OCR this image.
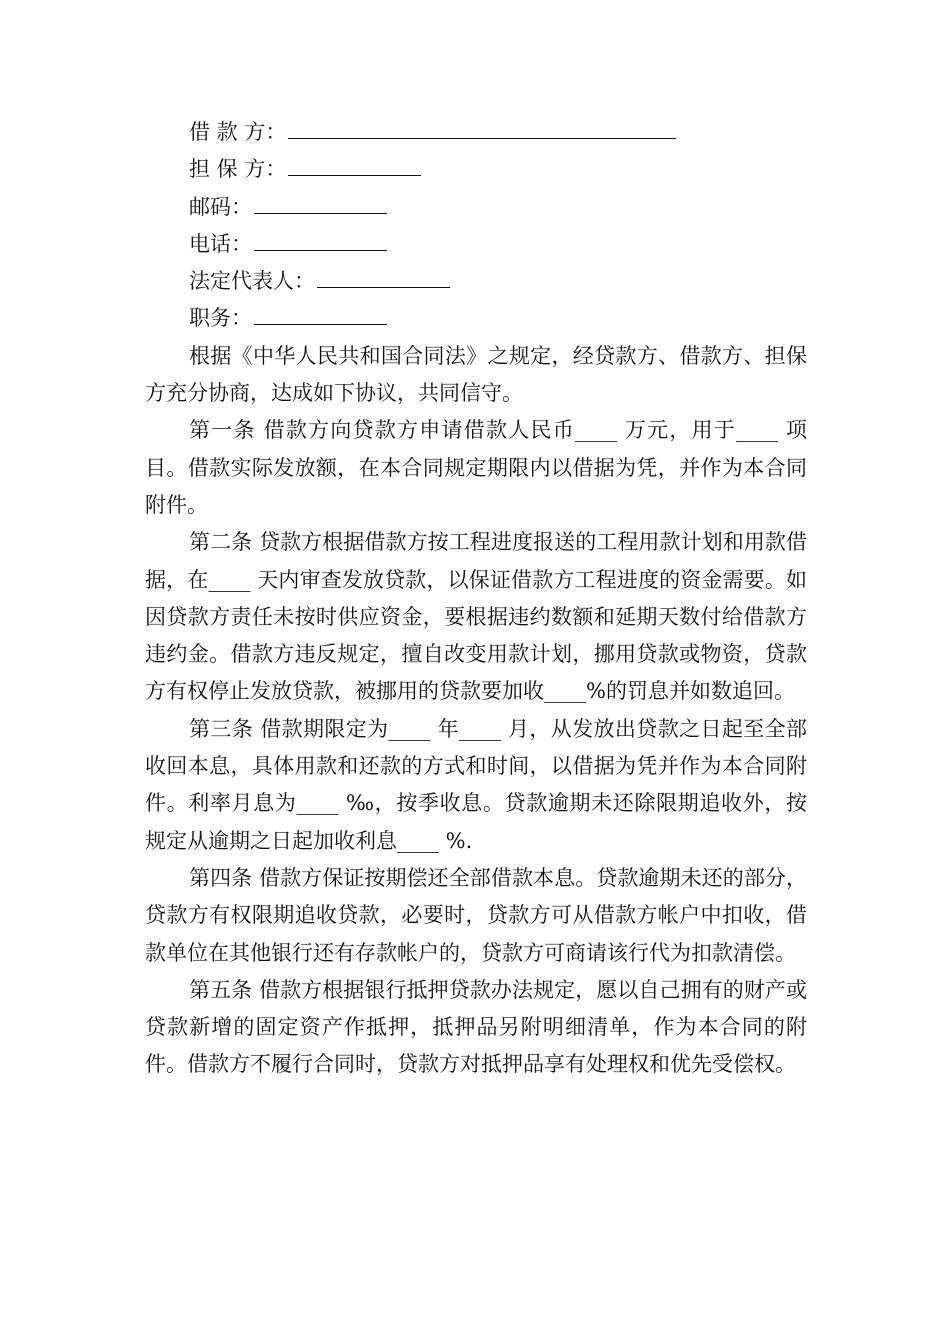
借 款 方：
担 保 方：
邮码：
电话：
法定代表人：
职务：

根据《中华人民共和国合同法》之规定，经贷款方、借款方、担保方充分协商，达成如下协议，共同信守。

第一条 借款方向贷款方申请借款人民币____ 万元，用于____ 项目。借款实际发放额，在本合同规定期限内以借据为凭，并作为本合同附件。

第二条 贷款方根据借款方按工程进度报送的工程用款计划和用款借据，在____ 天内审查发放贷款，以保证借款方工程进度的资金需要。如因贷款方责任未按时供应资金，要根据违约数额和延期天数付给借款方违约金。借款方违反规定，擅自改变用款计划，挪用贷款或物资，贷款方有权停止发放贷款，被挪用的贷款要加收____%的罚息并如数追回。

第三条 借款期限定为____ 年____ 月，从发放出贷款之日起至全部收回本息，具体用款和还款的方式和时间，以借据为凭并作为本合同附件。利率月息为____ ‰，按季收息。贷款逾期未还除限期追收外，按规定从逾期之日起加收利息____ %.

第四条 借款方保证按期偿还全部借款本息。贷款逾期未还的部分，贷款方有权限期追收贷款，必要时，贷款方可从借款方帐户中扣收，借款单位在其他银行还有存款帐户的，贷款方可商请该行代为扣款清偿。

第五条 借款方根据银行抵押贷款办法规定，愿以自己拥有的财产或贷款新增的固定资产作抵押，抵押品另附明细清单，作为本合同的附件。借款方不履行合同时，贷款方对抵押品享有处理权和优先受偿权。
